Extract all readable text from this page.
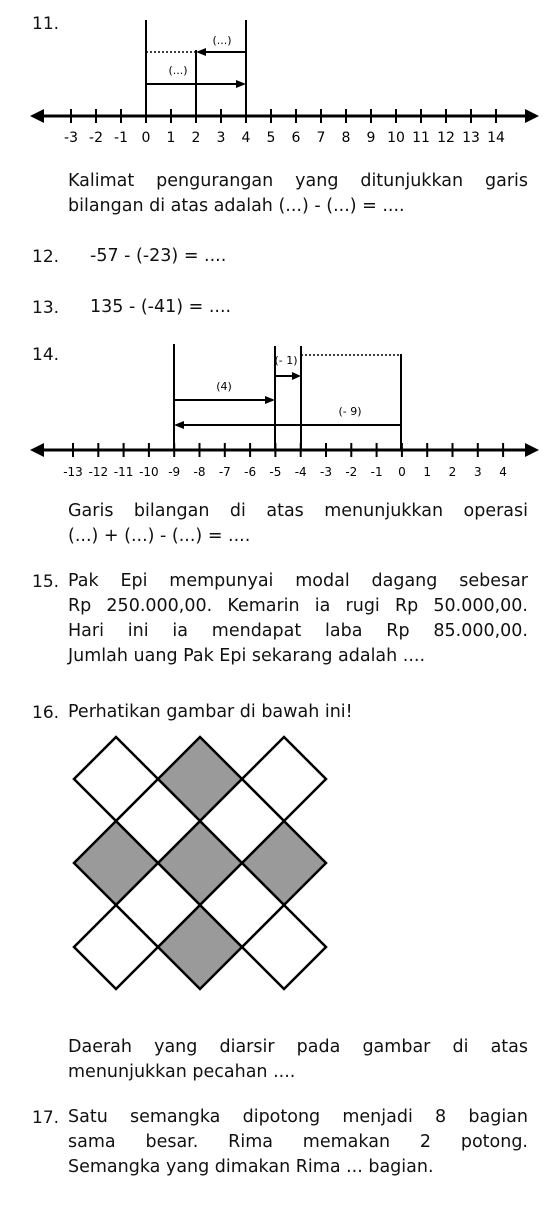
11.
-3 -2 -1 0 1 2 3 4 5 6 7 8 9 10 11 12 13 14
(...)
(...)
Kalimat pengurangan yang ditunjukkan garis
bilangan di atas adalah (...) - (...) = ....
12. -57 - (-23) = ....
13. 135 - (-41) = ....
14.
-13 -12 -11 -10 -9 -8 -7 -6 -5 -4 -3 -2 -1 0 1 2 3 4
(4)
(- 1)
(- 9)
Garis bilangan di atas menunjukkan operasi
(...) + (...) - (...) = ....
15. Pak Epi mempunyai modal dagang sebesar
Rp 250.000,00. Kemarin ia rugi Rp 50.000,00.
Hari ini ia mendapat laba Rp 85.000,00.
Jumlah uang Pak Epi sekarang adalah ....
16. Perhatikan gambar di bawah ini!
Daerah yang diarsir pada gambar di atas
menunjukkan pecahan ....
17. Satu semangka dipotong menjadi 8 bagian
sama besar. Rima memakan 2 potong.
Semangka yang dimakan Rima ... bagian.
